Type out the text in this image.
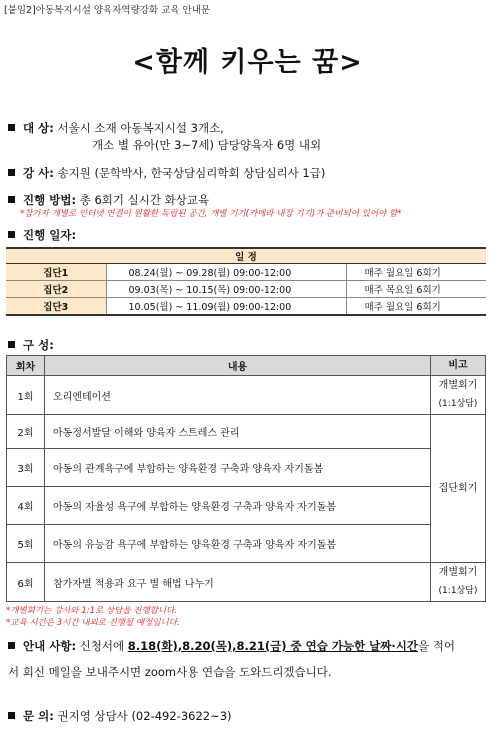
[붙임2]아동복지시설 양육자역량강화 교육 안내문
<함께 키우는 꿈>
대 상: 서울시 소재 아동복지시설 3개소,
개소 별 유아(만 3~7세) 담당양육자 6명 내외
강 사: 송지원 (문학박사, 한국상담심리학회 상담심리사 1급)
진행 방법: 총 6회기 실시간 화상교육
*참가자 개별로 인터넷 연결이 원활한 독립된 공간, 개별 기기(카메라 내장 기기)가 준비되어 있어야 함*
진행 일자:
일 정		
집단1	08.24(월) ~ 09.28(월) 09:00-12:00	매주 월요일 6회기
집단2	09.03(목) ~ 10.15(목) 09:00-12:00	매주 목요일 6회기
집단3	10.05(월) ~ 11.09(월) 09:00-12:00	매주 월요일 6회기
구 성:
회차	내용	비고
1회	오리엔테이션	개별회기
(1:1상담)

2회	아동정서발달 이해와 양육자 스트레스 관리	집단회기
3회	아동의 관계욕구에 부합하는 양육환경 구축과 양육자 자기돌봄	
4회	아동의 자율성 욕구에 부합하는 양육환경 구축과 양육자 자기돌봄	
5회	아동의 유능감 욕구에 부합하는 양육환경 구축과 양육자 자기돌봄	
6회	참가자별 적용과 요구 별 해법 나누기	개별회기
(1:1상담)
*개별회기는 강사와 1:1로 상담을 진행합니다.
*교육 시간은 3시간 내외로 진행될 예정입니다.
안내 사항: 신청서에 8.18(화),8.20(목),8.21(금) 중 연습 가능한 날짜·시간을 적어
서 회신 메일을 보내주시면 zoom사용 연습을 도와드리겠습니다.
문 의: 권지영 상담사 (02-492-3622~3)
